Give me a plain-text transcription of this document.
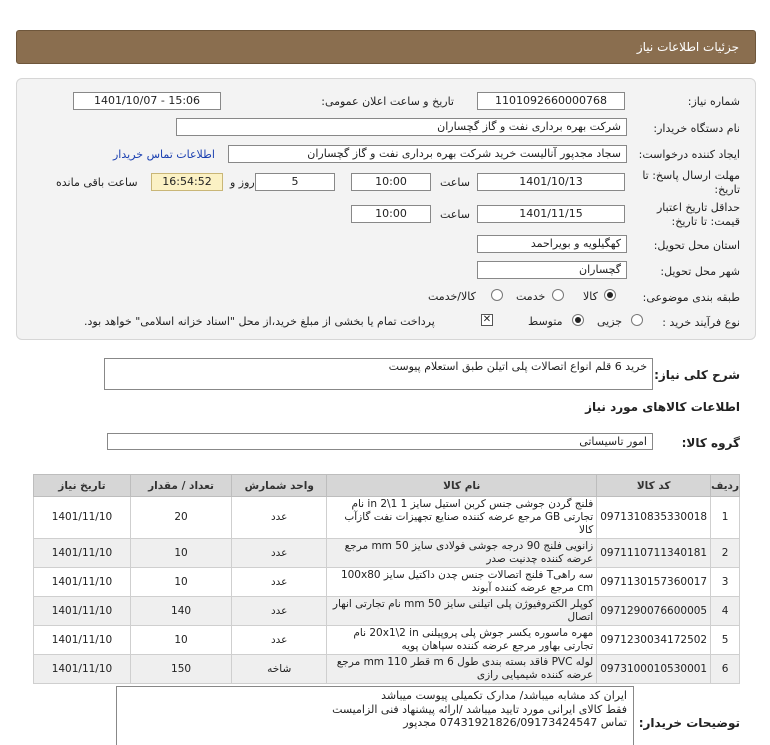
جزئیات اطلاعات نیاز
شماره نیاز:
1101092660000768
تاریخ و ساعت اعلان عمومی:
1401/10/07 - 15:06
نام دستگاه خریدار:
شرکت بهره برداری نفت و گاز گچساران
ایجاد کننده درخواست:
سجاد مجدپور آنالیست خرید شرکت بهره برداری نفت و گاز گچساران
اطلاعات تماس خریدار
مهلت ارسال پاسخ: تا
تاریخ:
1401/10/13
ساعت
10:00
5
روز و
16:54:52
ساعت باقی مانده
حداقل تاریخ اعتبار
قیمت: تا تاریخ:
1401/11/15
ساعت
10:00
استان محل تحویل:
کهگیلویه و بویراحمد
شهر محل تحویل:
گچساران
طبقه بندی موضوعی:
کالا
خدمت
کالا/خدمت
نوع فرآیند خرید :
جزیی
متوسط
✕
پرداخت تمام یا بخشی از مبلغ خرید،از محل "اسناد خزانه اسلامی" خواهد بود.
شرح کلی نیاز:
خرید 6 قلم انواع اتصالات پلی اتیلن طبق استعلام پیوست
اطلاعات کالاهای مورد نیاز
گروه کالا:
امور تاسیساتی
ردیف	کد کالا	نام کالا	واحد شمارش	تعداد / مقدار	تاریخ نیاز
1	0971310835330018	فلنج گردن جوشی جنس کربن استیل سایز 1 1\2 in نام تجارتی GB مرجع عرضه کننده صنایع تجهیزات نفت گازآب کالا	عدد	20	1401/11/10
2	0971110711340181	زانویی فلنج 90 درجه جوشی فولادی سایز 50 mm مرجع عرضه کننده چدنیت صدر	عدد	10	1401/11/10
3	0971130157360017	سه راهیT فلنج اتصالات جنس چدن داکتیل سایز 100x80 cm مرجع عرضه کننده آبوند	عدد	10	1401/11/10
4	0971290076600005	کوپلر الکتروفیوژن پلی اتیلنی سایز 50 mm نام تجارتی انهار اتصال	عدد	140	1401/11/10
5	0971230034172502	مهره ماسوره یکسر جوش پلی پروپیلنی 20x1\2 in نام تجارتی بهاور مرجع عرضه کننده سپاهان پویه	عدد	10	1401/11/10
6	0973100010530001	لوله PVC فاقد بسته بندی طول 6 m قطر 110 mm مرجع عرضه کننده شیمیایی رازی	شاخه	150	1401/11/10
توضیحات خریدار:
ایران کد مشابه میباشد/ مدارک تکمیلی پیوست میباشد
فقط کالای ایرانی مورد تایید میباشد /ارائه پیشنهاد فنی الزامیست
تماس 07431921826/09173424547 مجدپور
